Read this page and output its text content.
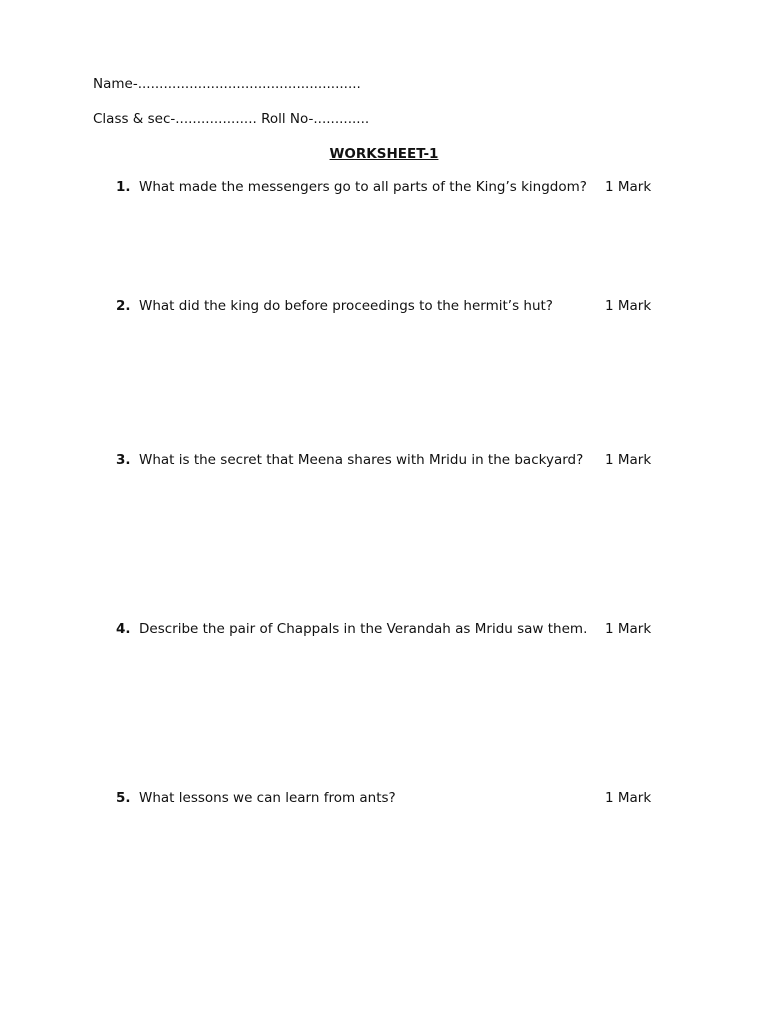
Name-....................................................
Class & sec-................... Roll No-.............
WORKSHEET-1
1. What made the messengers go to all parts of the King’s kingdom? 1 Mark
2. What did the king do before proceedings to the hermit’s hut?	1 Mark
3. What is the secret that Meena shares with Mridu in the backyard? 1 Mark
4. Describe the pair of Chappals in the Verandah as Mridu saw them. 1 Mark
5. What lessons we can learn from ants?	1 Mark
